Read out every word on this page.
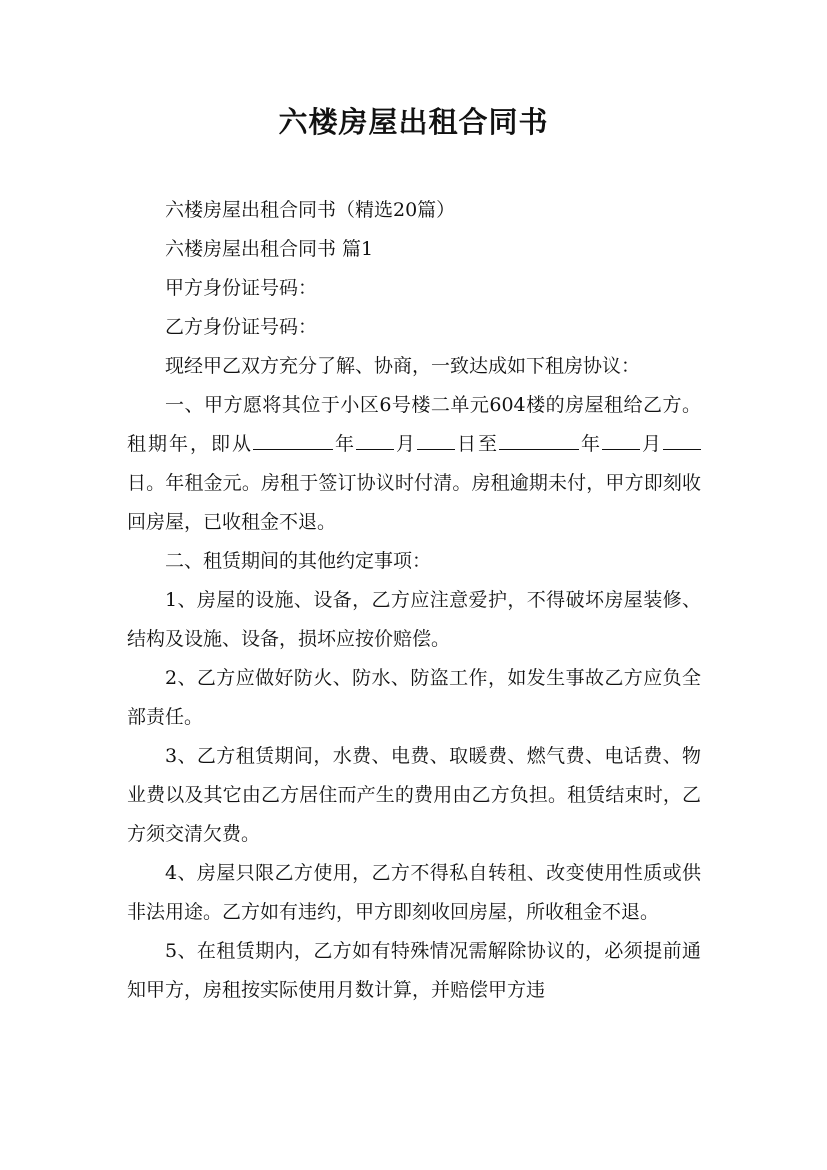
六楼房屋出租合同书

六楼房屋出租合同书（精选20篇）

六楼房屋出租合同书 篇1

甲方身份证号码：

乙方身份证号码：

现经甲乙双方充分了解、协商，一致达成如下租房协议：

一、甲方愿将其位于小区6号楼二单元604楼的房屋租给乙方。租期年，即从	年 月 日至	年 月日。年租金元。房租于签订协议时付清。房租逾期未付，甲方即刻收回房屋，已收租金不退。

二、租赁期间的其他约定事项：

1、房屋的设施、设备，乙方应注意爱护，不得破坏房屋装修、结构及设施、设备，损坏应按价赔偿。

2、乙方应做好防火、防水、防盗工作，如发生事故乙方应负全部责任。

3、乙方租赁期间，水费、电费、取暖费、燃气费、电话费、物业费以及其它由乙方居住而产生的费用由乙方负担。租赁结束时，乙方须交清欠费。

4、房屋只限乙方使用，乙方不得私自转租、改变使用性质或供非法用途。乙方如有违约，甲方即刻收回房屋，所收租金不退。

5、在租赁期内，乙方如有特殊情况需解除协议的，必须提前通知甲方，房租按实际使用月数计算，并赔偿甲方违
